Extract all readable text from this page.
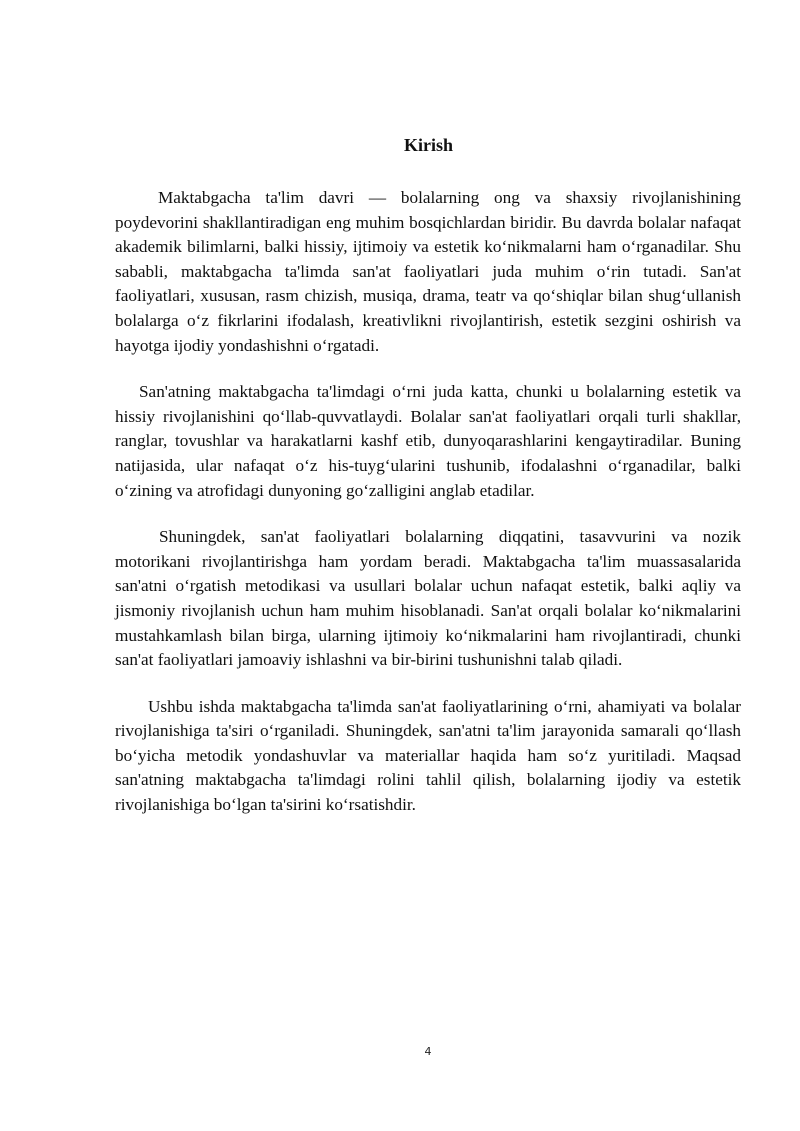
Kirish

Maktabgacha ta'lim davri — bolalarning ong va shaxsiy rivojlanishining poydevorini shakllantiradigan eng muhim bosqichlardan biridir. Bu davrda bolalar nafaqat akademik bilimlarni, balki hissiy, ijtimoiy va estetik ko‘nikmalarni ham o‘rganadilar. Shu sababli, maktabgacha ta'limda san'at faoliyatlari juda muhim o‘rin tutadi. San'at faoliyatlari, xususan, rasm chizish, musiqa, drama, teatr va qo‘shiqlar bilan shug‘ullanish bolalarga o‘z fikrlarini ifodalash, kreativlikni rivojlantirish, estetik sezgini oshirish va hayotga ijodiy yondashishni o‘rgatadi.

San'atning maktabgacha ta'limdagi o‘rni juda katta, chunki u bolalarning estetik va hissiy rivojlanishini qo‘llab-quvvatlaydi. Bolalar san'at faoliyatlari orqali turli shakllar, ranglar, tovushlar va harakatlarni kashf etib, dunyoqarashlarini kengaytiradilar. Buning natijasida, ular nafaqat o‘z his-tuyg‘ularini tushunib, ifodalashni o‘rganadilar, balki o‘zining va atrofidagi dunyoning go‘zalligini anglab etadilar.

Shuningdek, san'at faoliyatlari bolalarning diqqatini, tasavvurini va nozik motorikani rivojlantirishga ham yordam beradi. Maktabgacha ta'lim muassasalarida san'atni o‘rgatish metodikasi va usullari bolalar uchun nafaqat estetik, balki aqliy va jismoniy rivojlanish uchun ham muhim hisoblanadi. San'at orqali bolalar ko‘nikmalarini mustahkamlash bilan birga, ularning ijtimoiy ko‘nikmalarini ham rivojlantiradi, chunki san'at faoliyatlari jamoaviy ishlashni va bir-birini tushunishni talab qiladi.

Ushbu ishda maktabgacha ta'limda san'at faoliyatlarining o‘rni, ahamiyati va bolalar rivojlanishiga ta'siri o‘rganiladi. Shuningdek, san'atni ta'lim jarayonida samarali qo‘llash bo‘yicha metodik yondashuvlar va materiallar haqida ham so‘z yuritiladi. Maqsad san'atning maktabgacha ta'limdagi rolini tahlil qilish, bolalarning ijodiy va estetik rivojlanishiga bo‘lgan ta'sirini ko‘rsatishdir.

4
